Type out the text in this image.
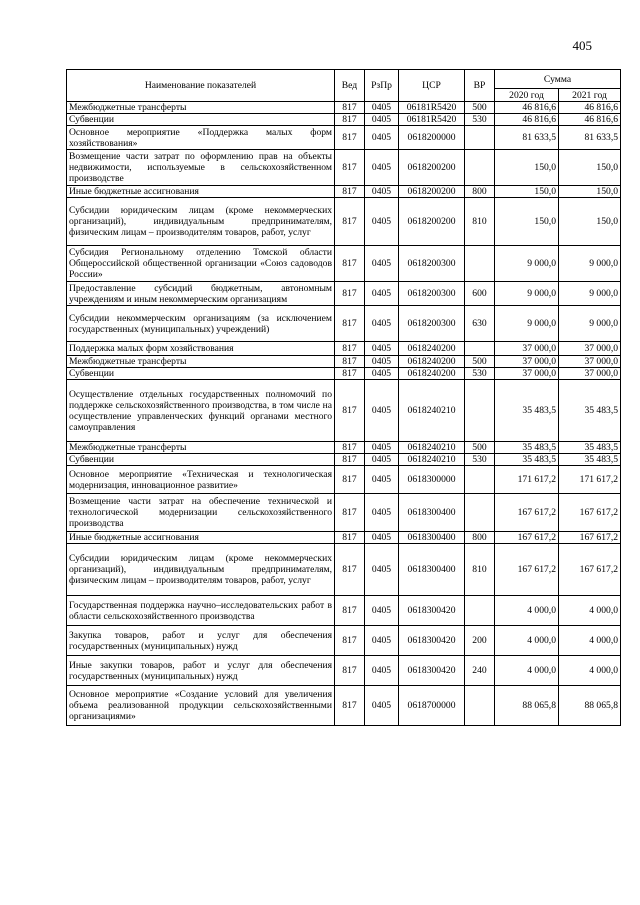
405
Наименование показателей	Вед	РзПр	ЦСР	ВР	Сумма	
					2020 год	2021 год
Межбюджетные трансферты	817	0405	06181R5420	500	46 816,6	46 816,6
Субвенции	817	0405	06181R5420	530	46 816,6	46 816,6
Основное мероприятие «Поддержка малых форм хозяйствования»	817	0405	0618200000		81 633,5	81 633,5
Возмещение части затрат по оформлению прав на объекты недвижимости, используемые в сельскохозяйственном производстве	817	0405	0618200200		150,0	150,0
Иные бюджетные ассигнования	817	0405	0618200200	800	150,0	150,0
Субсидии юридическим лицам (кроме некоммерческих организаций), индивидуальным предпринимателям, физическим лицам – производителям товаров, работ, услуг	817	0405	0618200200	810	150,0	150,0
Субсидия Региональному отделению Томской области Общероссийской общественной организации «Союз садоводов России»	817	0405	0618200300		9 000,0	9 000,0
Предоставление субсидий бюджетным, автономным учреждениям и иным некоммерческим организациям	817	0405	0618200300	600	9 000,0	9 000,0
Субсидии некоммерческим организациям (за исключением государственных (муниципальных) учреждений)	817	0405	0618200300	630	9 000,0	9 000,0
Поддержка малых форм хозяйствования	817	0405	0618240200		37 000,0	37 000,0
Межбюджетные трансферты	817	0405	0618240200	500	37 000,0	37 000,0
Субвенции	817	0405	0618240200	530	37 000,0	37 000,0
Осуществление отдельных государственных полномочий по поддержке сельскохозяйственного производства, в том числе на осуществление управленческих функций органами местного самоуправления	817	0405	0618240210		35 483,5	35 483,5
Межбюджетные трансферты	817	0405	0618240210	500	35 483,5	35 483,5
Субвенции	817	0405	0618240210	530	35 483,5	35 483,5
Основное мероприятие «Техническая и технологическая модернизация, инновационное развитие»	817	0405	0618300000		171 617,2	171 617,2
Возмещение части затрат на обеспечение технической и технологической модернизации сельскохозяйственного производства	817	0405	0618300400		167 617,2	167 617,2
Иные бюджетные ассигнования	817	0405	0618300400	800	167 617,2	167 617,2
Субсидии юридическим лицам (кроме некоммерческих организаций), индивидуальным предпринимателям, физическим лицам – производителям товаров, работ, услуг	817	0405	0618300400	810	167 617,2	167 617,2
Государственная поддержка научно–исследовательских работ в области сельскохозяйственного производства	817	0405	0618300420		4 000,0	4 000,0
Закупка товаров, работ и услуг для обеспечения государственных (муниципальных) нужд	817	0405	0618300420	200	4 000,0	4 000,0
Иные закупки товаров, работ и услуг для обеспечения государственных (муниципальных) нужд	817	0405	0618300420	240	4 000,0	4 000,0
Основное мероприятие «Создание условий для увеличения объема реализованной продукции сельскохозяйственными организациями»	817	0405	0618700000		88 065,8	88 065,8
